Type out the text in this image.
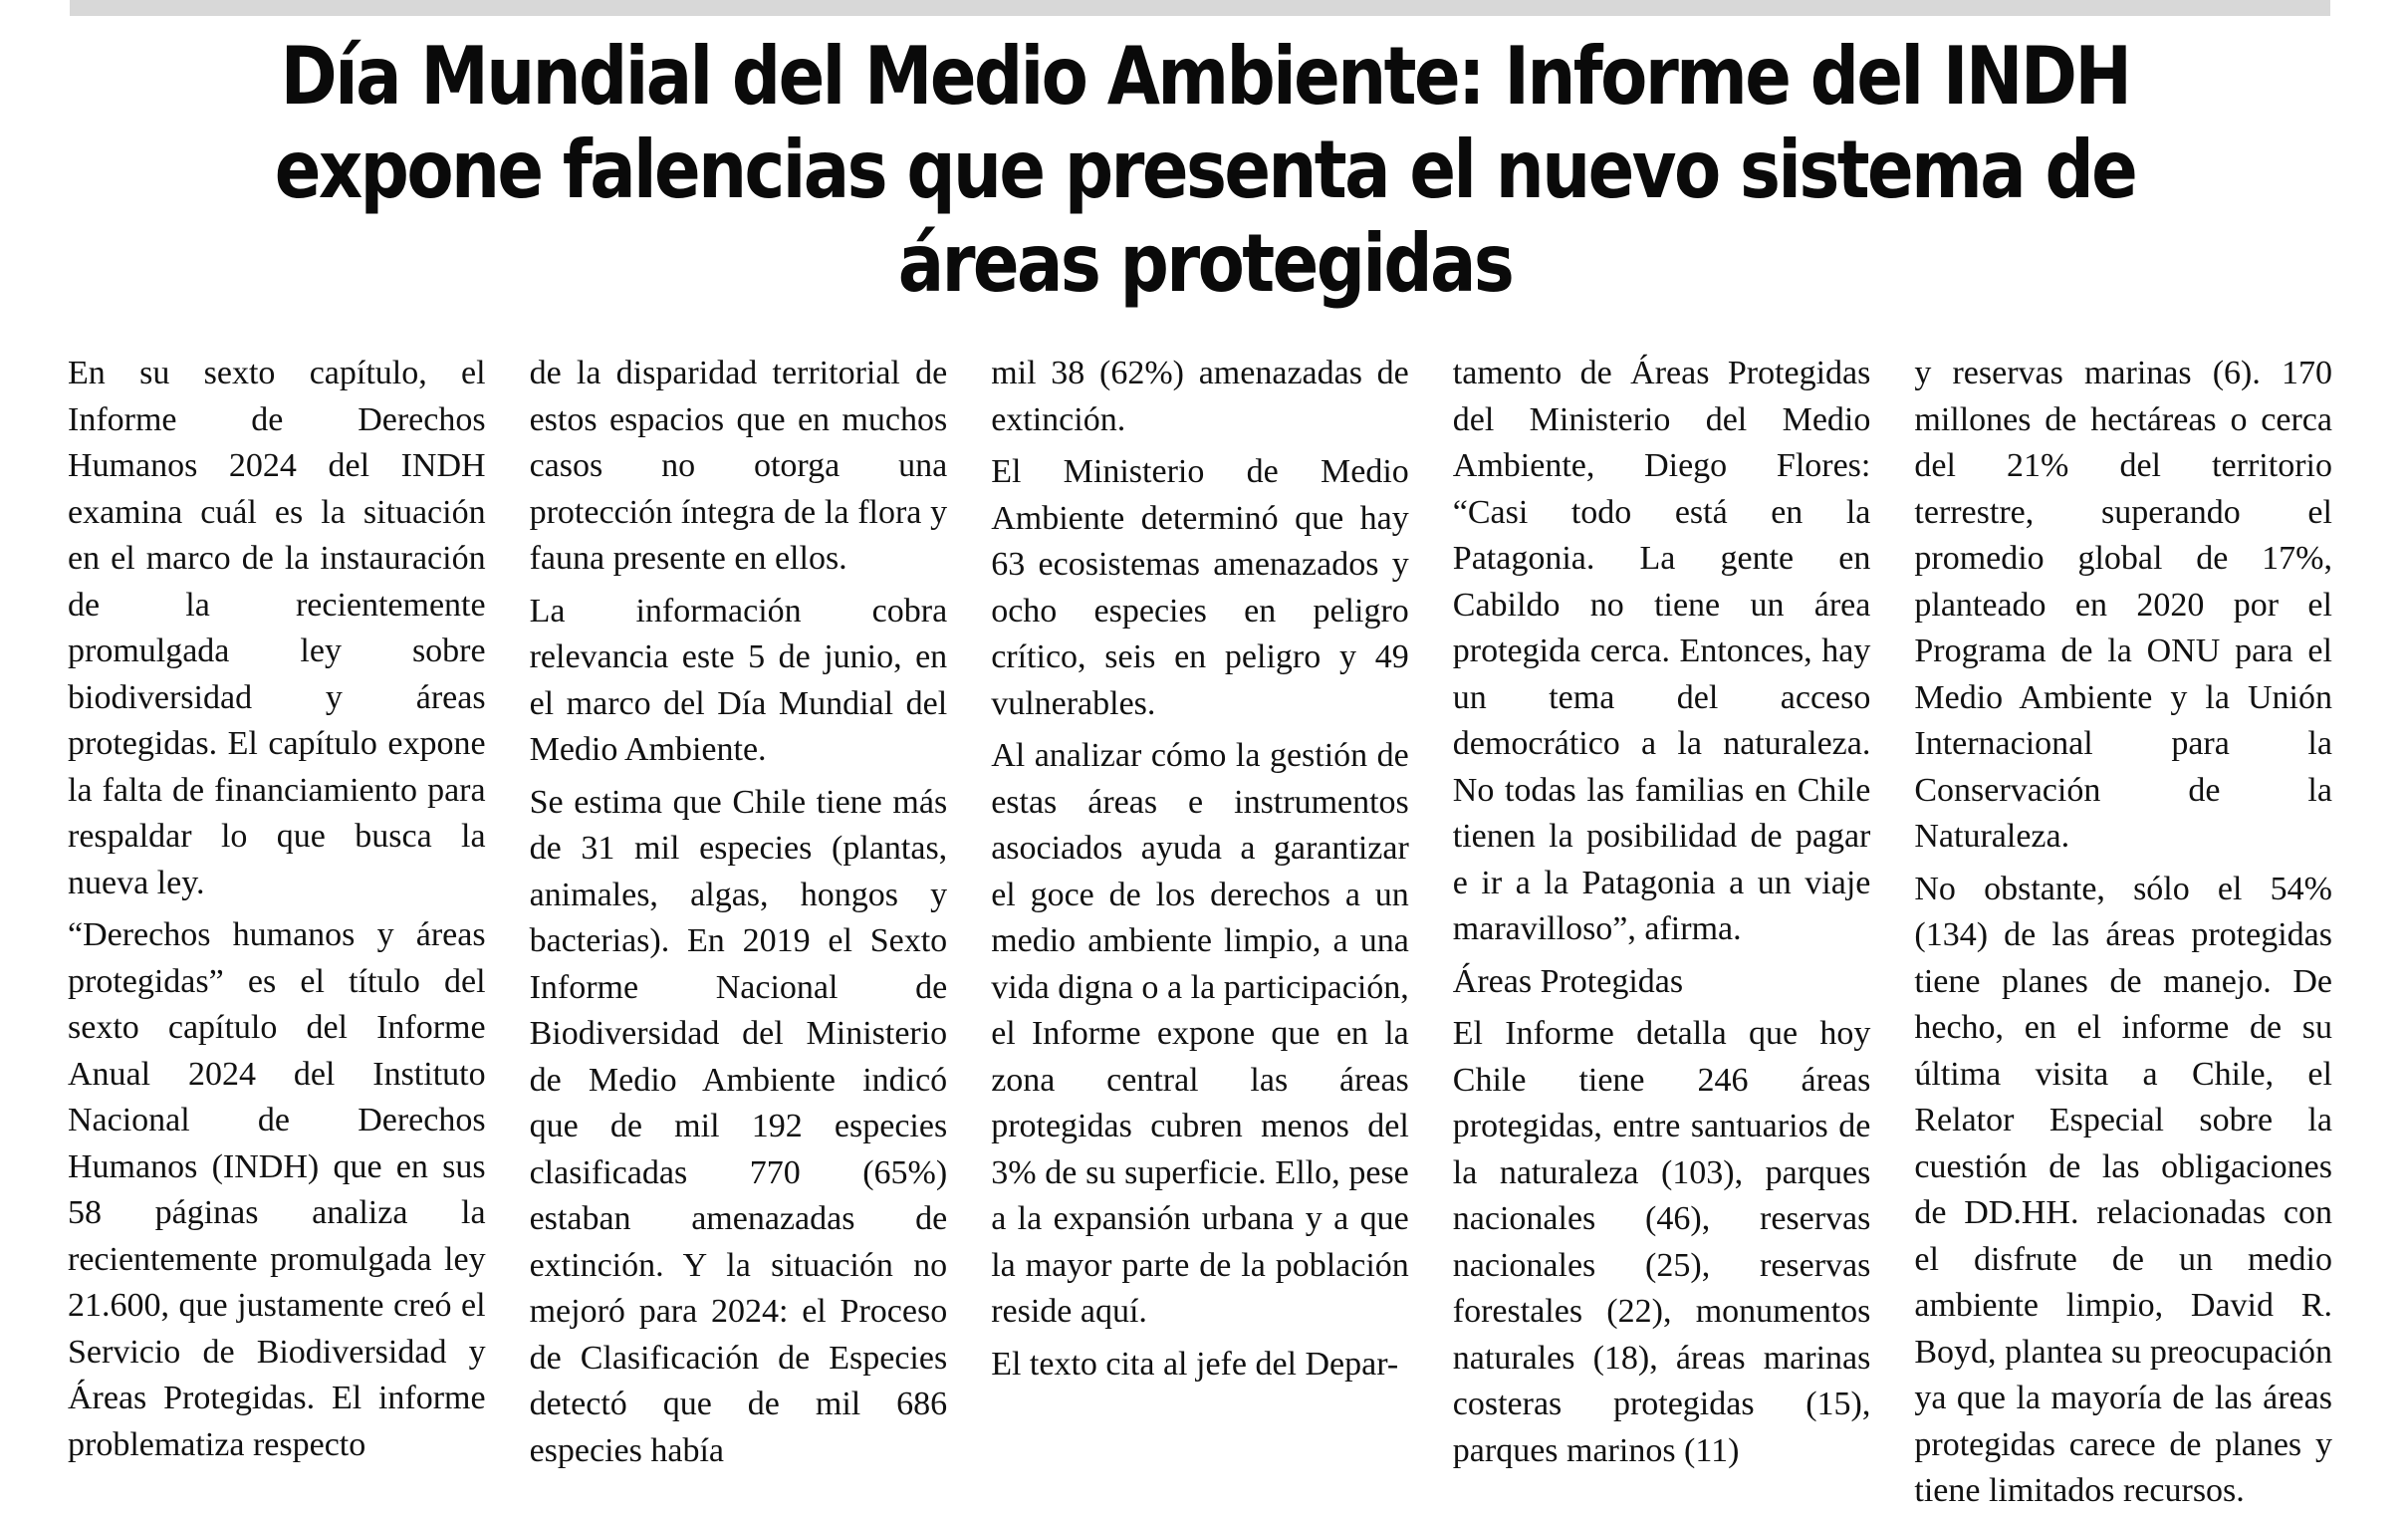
Día Mundial del Medio Ambiente: Informe del INDH expone falencias que presenta el nuevo sistema de áreas protegidas

En su sexto capítulo, el Informe de Derechos Humanos 2024 del INDH examina cuál es la situación en el marco de la instauración de la recientemente promulgada ley sobre biodiversidad y áreas protegidas. El capítulo expone la falta de financiamiento para respaldar lo que busca la nueva ley.

“Derechos humanos y áreas protegidas” es el título del sexto capítulo del Informe Anual 2024 del Instituto Nacional de Derechos Humanos (INDH) que en sus 58 páginas analiza la recientemente promulgada ley 21.600, que justamente creó el Servicio de Biodiversidad y Áreas Protegidas. El informe problematiza respecto

de la disparidad territorial de estos espacios que en muchos casos no otorga una protección íntegra de la flora y fauna presente en ellos.

La información cobra relevancia este 5 de junio, en el marco del Día Mundial del Medio Ambiente.

Se estima que Chile tiene más de 31 mil especies (plantas, animales, algas, hongos y bacterias). En 2019 el Sexto Informe Nacional de Biodiversidad del Ministerio de Medio Ambiente indicó que de mil 192 especies clasificadas 770 (65%) estaban amenazadas de extinción. Y la situación no mejoró para 2024: el Proceso de Clasificación de Especies detectó que de mil 686 especies había

mil 38 (62%) amenazadas de extinción.

El Ministerio de Medio Ambiente determinó que hay 63 ecosistemas amenazados y ocho especies en peligro crítico, seis en peligro y 49 vulnerables.

Al analizar cómo la gestión de estas áreas e instrumentos asociados ayuda a garantizar el goce de los derechos a un medio ambiente limpio, a una vida digna o a la participación, el Informe expone que en la zona central las áreas protegidas cubren menos del 3% de su superficie. Ello, pese a la expansión urbana y a que la mayor parte de la población reside aquí.

El texto cita al jefe del Depar-

tamento de Áreas Protegidas del Ministerio del Medio Ambiente, Diego Flores: “Casi todo está en la Patagonia. La gente en Cabildo no tiene un área protegida cerca. Entonces, hay un tema del acceso democrático a la naturaleza. No todas las familias en Chile tienen la posibilidad de pagar e ir a la Patagonia a un viaje maravilloso”, afirma.

Áreas Protegidas

El Informe detalla que hoy Chile tiene 246 áreas protegidas, entre santuarios de la naturaleza (103), parques nacionales (46), reservas nacionales (25), reservas forestales (22), monumentos naturales (18), áreas marinas costeras protegidas (15), parques marinos (11)

y reservas marinas (6). 170 millones de hectáreas o cerca del 21% del territorio terrestre, superando el promedio global de 17%, planteado en 2020 por el Programa de la ONU para el Medio Ambiente y la Unión Internacional para la Conservación de la Naturaleza.

No obstante, sólo el 54% (134) de las áreas protegidas tiene planes de manejo. De hecho, en el informe de su última visita a Chile, el Relator Especial sobre la cuestión de las obligaciones de DD.HH. relacionadas con el disfrute de un medio ambiente limpio, David R. Boyd, plantea su preocupación ya que la mayoría de las áreas protegidas carece de planes y tiene limitados recursos.
